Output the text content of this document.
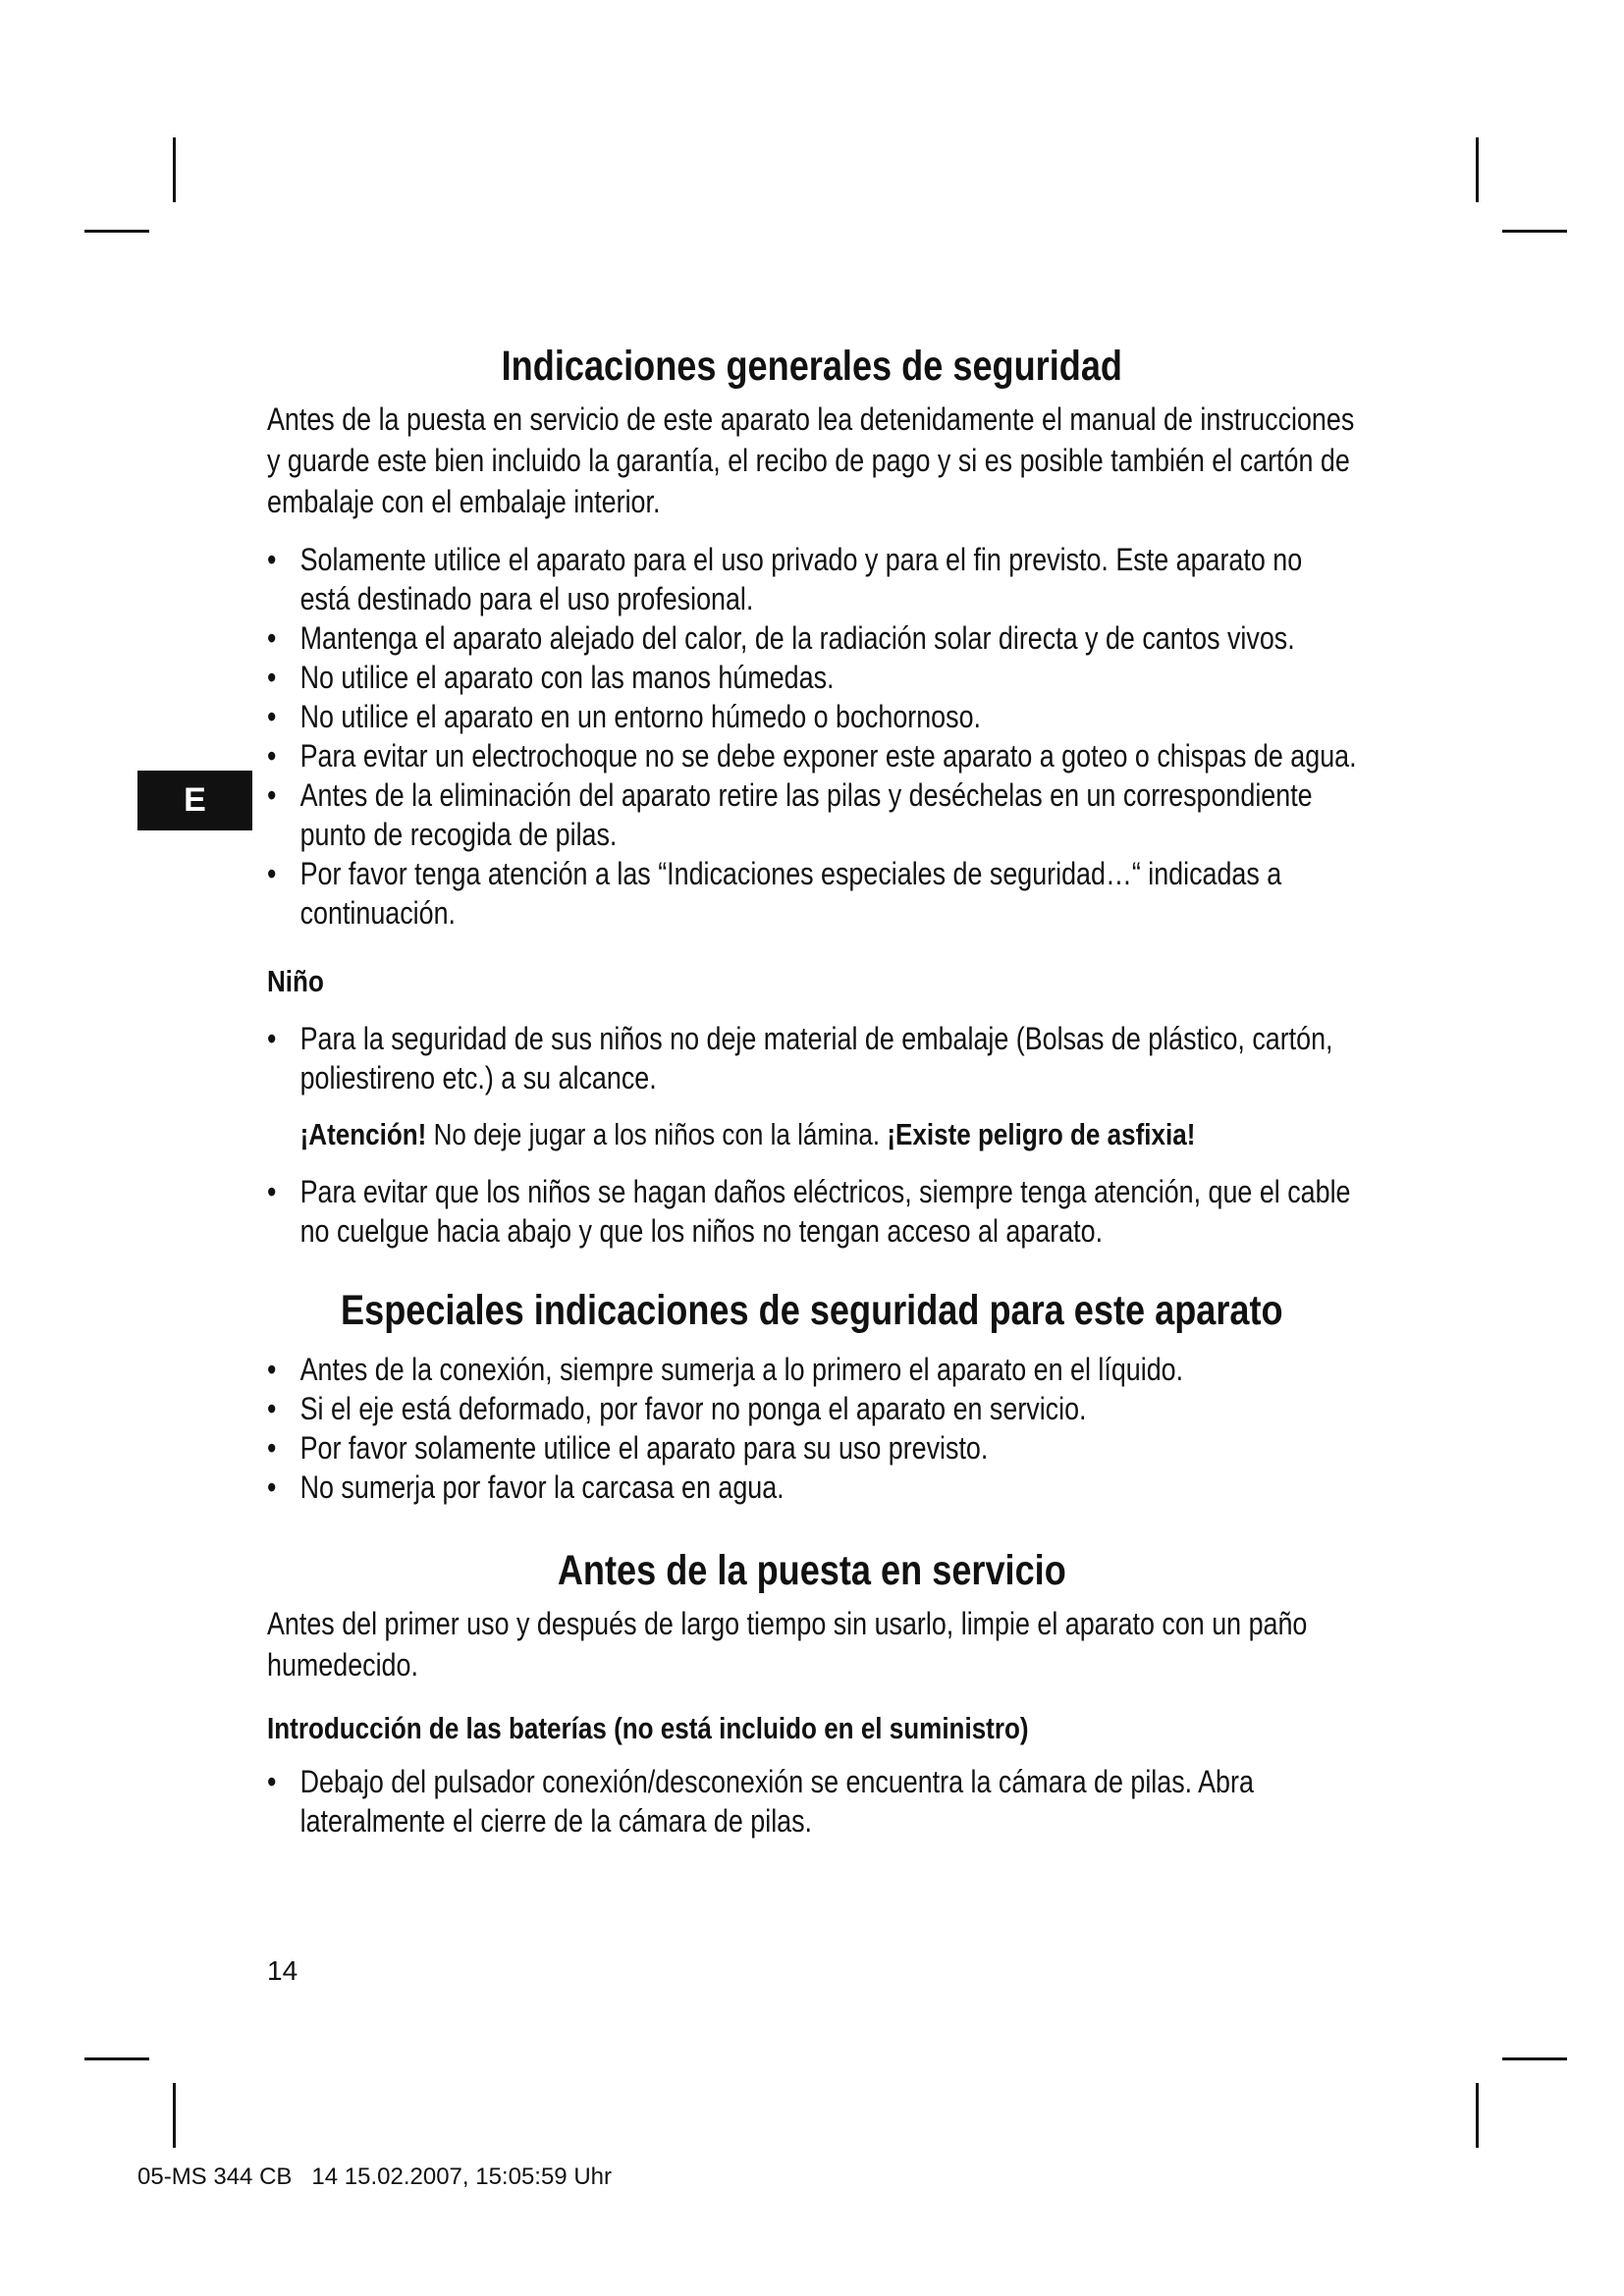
E
Indicaciones generales de seguridad

Antes de la puesta en servicio de este aparato lea detenidamente el manual de instrucciones y guarde este bien incluido la garantía, el recibo de pago y si es posible también el cartón de embalaje con el embalaje interior.

• Solamente utilice el aparato para el uso privado y para el fin previsto. Este aparato no está destinado para el uso profesional.
• Mantenga el aparato alejado del calor, de la radiación solar directa y de cantos vivos.
• No utilice el aparato con las manos húmedas.
• No utilice el aparato en un entorno húmedo o bochornoso.
• Para evitar un electrochoque no se debe exponer este aparato a goteo o chispas de agua.
• Antes de la eliminación del aparato retire las pilas y deséchelas en un correspondiente punto de recogida de pilas.
• Por favor tenga atención a las “Indicaciones especiales de seguridad…“ indicadas a continuación.
Niño
• Para la seguridad de sus niños no deje material de embalaje (Bolsas de plástico, cartón, poliestireno etc.) a su alcance.

¡Atención! No deje jugar a los niños con la lámina. ¡Existe peligro de asfixia!

• Para evitar que los niños se hagan daños eléctricos, siempre tenga atención, que el cable no cuelgue hacia abajo y que los niños no tengan acceso al aparato.
Especiales indicaciones de seguridad para este aparato
• Antes de la conexión, siempre sumerja a lo primero el aparato en el líquido.
• Si el eje está deformado, por favor no ponga el aparato en servicio.
• Por favor solamente utilice el aparato para su uso previsto.
• No sumerja por favor la carcasa en agua.
Antes de la puesta en servicio

Antes del primer uso y después de largo tiempo sin usarlo, limpie el aparato con un paño humedecido.

Introducción de las baterías (no está incluido en el suministro)
• Debajo del pulsador conexión/desconexión se encuentra la cámara de pilas. Abra lateralmente el cierre de la cámara de pilas.
14
05-MS 344 CB   14 15.02.2007, 15:05:59 Uhr
